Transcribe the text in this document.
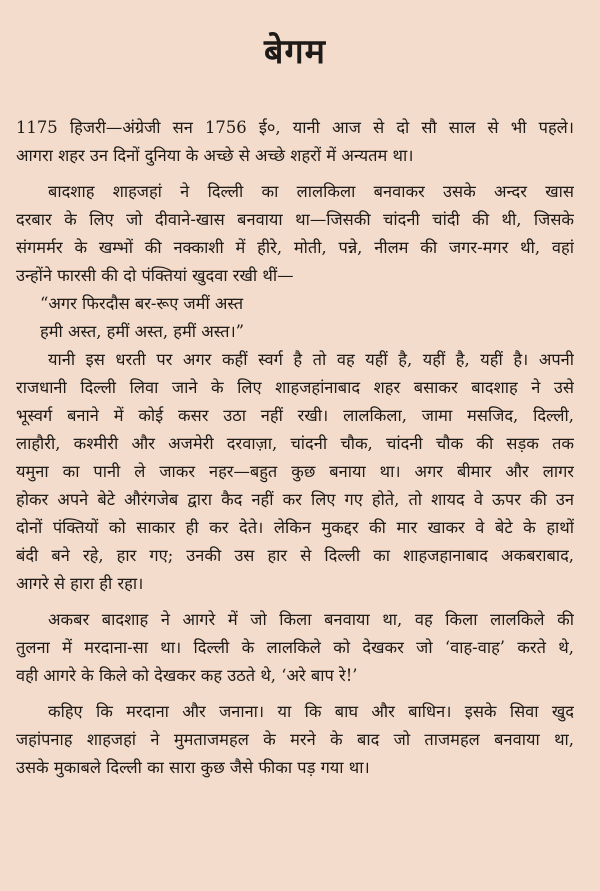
बेगम
1175 हिजरी—अंग्रेजी सन 1756 ई०, यानी आज से दो सौ साल से भी पहले।
आगरा शहर उन दिनों दुनिया के अच्छे से अच्छे शहरों में अन्यतम था।
बादशाह शाहजहां ने दिल्ली का लालकिला बनवाकर उसके अन्दर खास
दरबार के लिए जो दीवाने-खास बनवाया था—जिसकी चांदनी चांदी की थी, जिसके
संगमर्मर के खम्भों की नक्काशी में हीरे, मोती, पन्ने, नीलम की जगर-मगर थी, वहां
उन्होंने फारसी की दो पंक्तियां खुदवा रखी थीं—
“अगर फिरदौस बर-रूए जमीं अस्त
हमी अस्त, हमीं अस्त, हमीं अस्त।”
यानी इस धरती पर अगर कहीं स्वर्ग है तो वह यहीं है, यहीं है, यहीं है। अपनी
राजधानी दिल्ली लिवा जाने के लिए शाहजहांनाबाद शहर बसाकर बादशाह ने उसे
भूस्वर्ग बनाने में कोई कसर उठा नहीं रखी। लालकिला, जामा मसजिद, दिल्ली,
लाहौरी, कश्मीरी और अजमेरी दरवाज़ा, चांदनी चौक, चांदनी चौक की सड़क तक
यमुना का पानी ले जाकर नहर—बहुत कुछ बनाया था। अगर बीमार और लागर
होकर अपने बेटे औरंगजेब द्वारा कैद नहीं कर लिए गए होते, तो शायद वे ऊपर की उन
दोनों पंक्तियों को साकार ही कर देते। लेकिन मुकद्दर की मार खाकर वे बेटे के हाथों
बंदी बने रहे, हार गए; उनकी उस हार से दिल्ली का शाहजहानाबाद अकबराबाद,
आगरे से हारा ही रहा।
अकबर बादशाह ने आगरे में जो किला बनवाया था, वह किला लालकिले की
तुलना में मरदाना-सा था। दिल्ली के लालकिले को देखकर जो ‘वाह-वाह’ करते थे,
वही आगरे के किले को देखकर कह उठते थे, ‘अरे बाप रे!’
कहिए कि मरदाना और जनाना। या कि बाघ और बाधिन। इसके सिवा खुद
जहांपनाह शाहजहां ने मुमताजमहल के मरने के बाद जो ताजमहल बनवाया था,
उसके मुकाबले दिल्ली का सारा कुछ जैसे फीका पड़ गया था।
